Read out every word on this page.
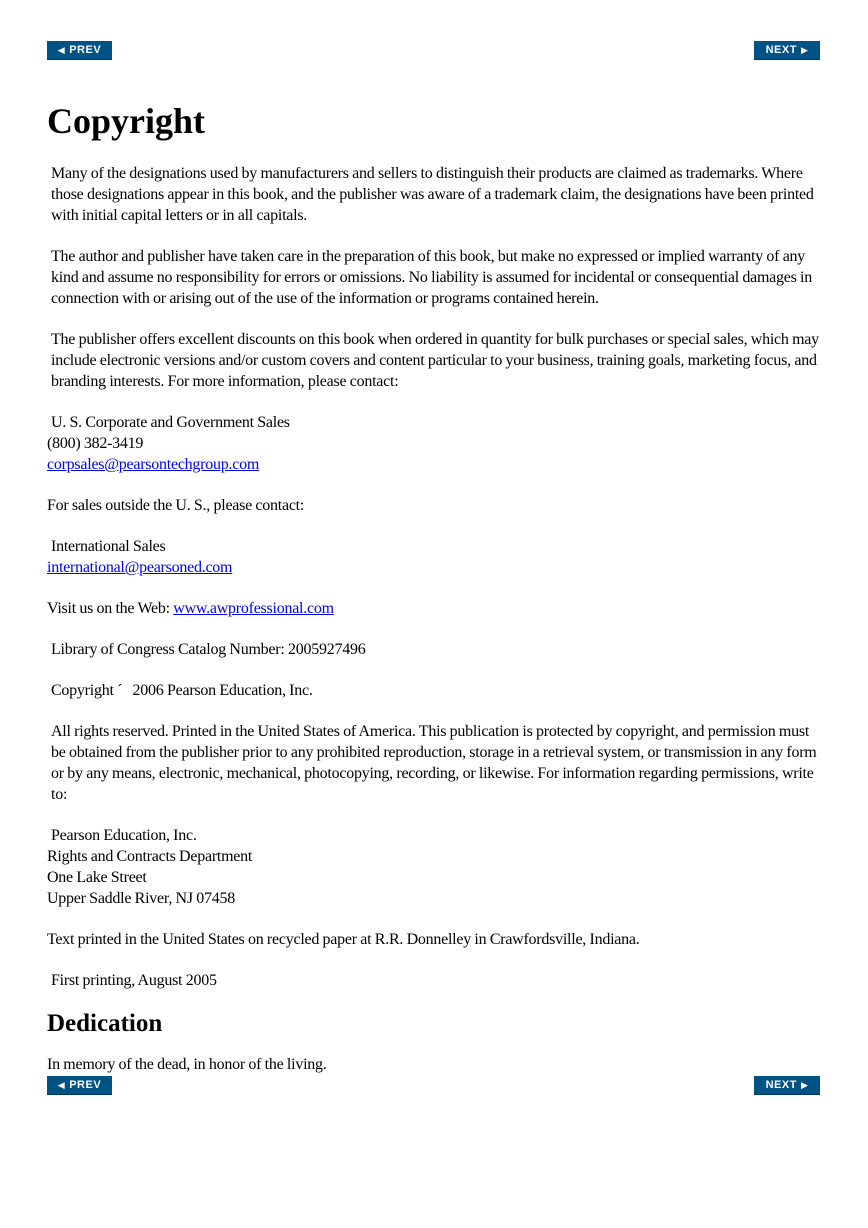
◀ PREV	NEXT ▶
Copyright

Many of the designations used by manufacturers and sellers to distinguish their products are claimed as trademarks. Where those designations appear in this book, and the publisher was aware of a trademark claim, the designations have been printed with initial capital letters or in all capitals.

The author and publisher have taken care in the preparation of this book, but make no expressed or implied warranty of any kind and assume no responsibility for errors or omissions. No liability is assumed for incidental or consequential damages in connection with or arising out of the use of the information or programs contained herein.

The publisher offers excellent discounts on this book when ordered in quantity for bulk purchases or special sales, which may include electronic versions and/or custom covers and content particular to your business, training goals, marketing focus, and branding interests. For more information, please contact:

U. S. Corporate and Government Sales
(800) 382-3419
corpsales@pearsontechgroup.com

For sales outside the U. S., please contact:

International Sales
international@pearsoned.com

Visit us on the Web: www.awprofessional.com

Library of Congress Catalog Number: 2005927496

Copyright ´   2006 Pearson Education, Inc.

All rights reserved. Printed in the United States of America. This publication is protected by copyright, and permission must be obtained from the publisher prior to any prohibited reproduction, storage in a retrieval system, or transmission in any form or by any means, electronic, mechanical, photocopying, recording, or likewise. For information regarding permissions, write to:

Pearson Education, Inc.
Rights and Contracts Department
One Lake Street
Upper Saddle River, NJ 07458

Text printed in the United States on recycled paper at R.R. Donnelley in Crawfordsville, Indiana.

First printing, August 2005

Dedication

In memory of the dead, in honor of the living.

◀ PREV	NEXT ▶
